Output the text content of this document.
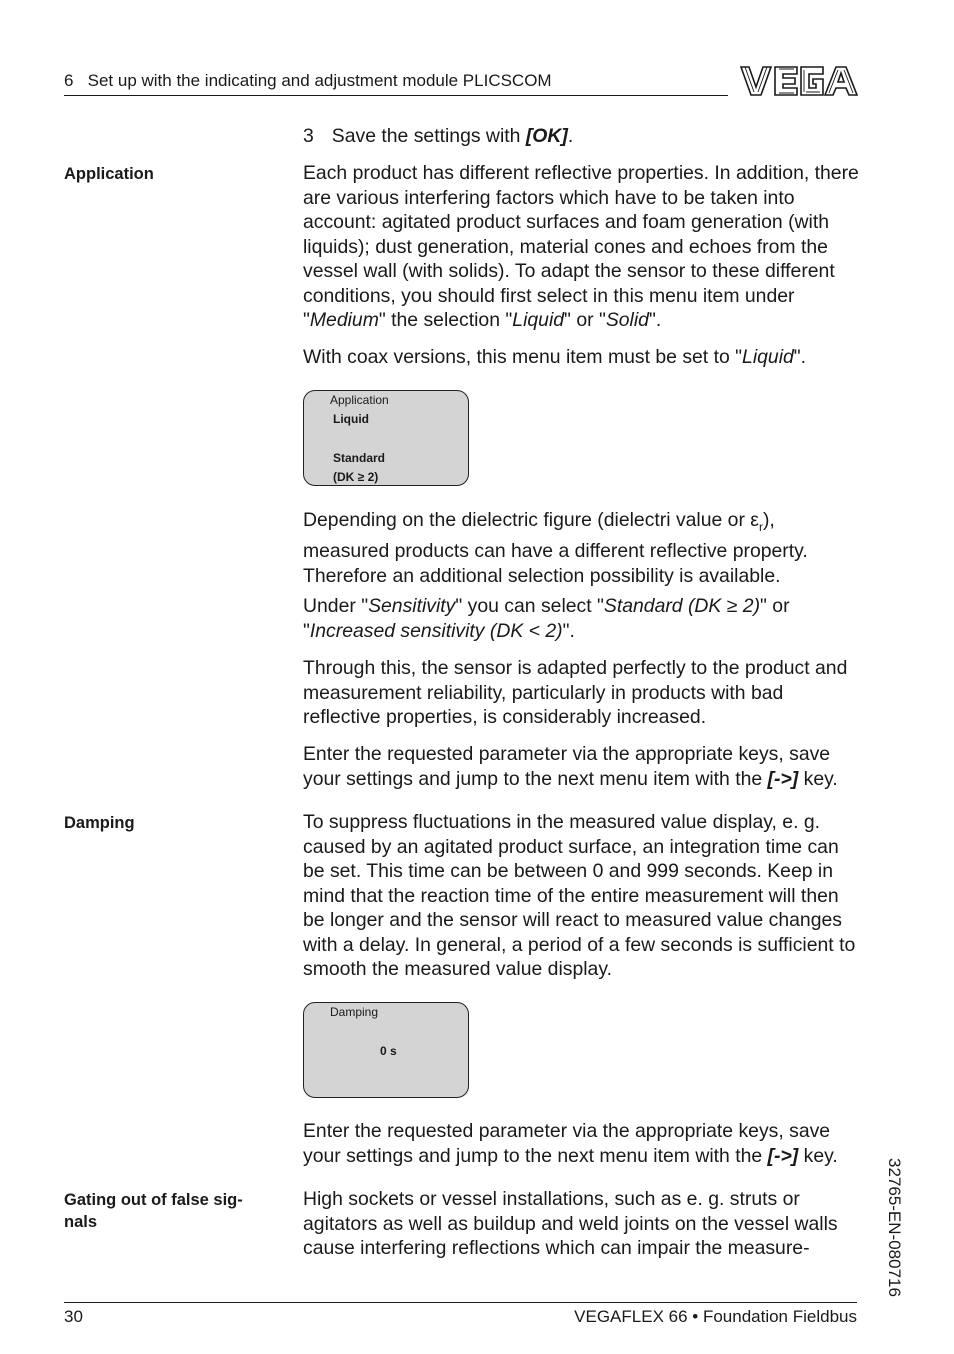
6   Set up with the indicating and adjustment module PLICSCOM

3 Save the settings with [OK].

Application	Each product has different reflective properties. In addition, there are various interfering factors which have to be taken into account: agitated product surfaces and foam generation (with liquids); dust generation, material cones and echoes from the vessel wall (with solids). To adapt the sensor to these different conditions, you should first select in this menu item under "Medium" the selection "Liquid" or "Solid".

With coax versions, this menu item must be set to "Liquid".

Application
Liquid
Standard
(DK ≥ 2)

Depending on the dielectric figure (dielectri value or $\varepsilon_r$), measured products can have a different reflective property. Therefore an additional selection possibility is available.

Under "Sensitivity" you can select "Standard (DK ≥ 2)" or "Increased sensitivity (DK < 2)".

Through this, the sensor is adapted perfectly to the product and measurement reliability, particularly in products with bad reflective properties, is considerably increased.

Enter the requested parameter via the appropriate keys, save your settings and jump to the next menu item with the [->] key.

Damping	To suppress fluctuations in the measured value display, e. g. caused by an agitated product surface, an integration time can be set. This time can be between 0 and 999 seconds. Keep in mind that the reaction time of the entire measurement will then be longer and the sensor will react to measured value changes with a delay. In general, a period of a few seconds is sufficient to smooth the measured value display.

Damping
0 s

Enter the requested parameter via the appropriate keys, save your settings and jump to the next menu item with the [->] key.

Gating out of false sig-
nals

High sockets or vessel installations, such as e. g. struts or agitators as well as buildup and weld joints on the vessel walls cause interfering reflections which can impair the measure-	32765-EN-080716
30	VEGAFLEX 66 • Foundation Fieldbus
